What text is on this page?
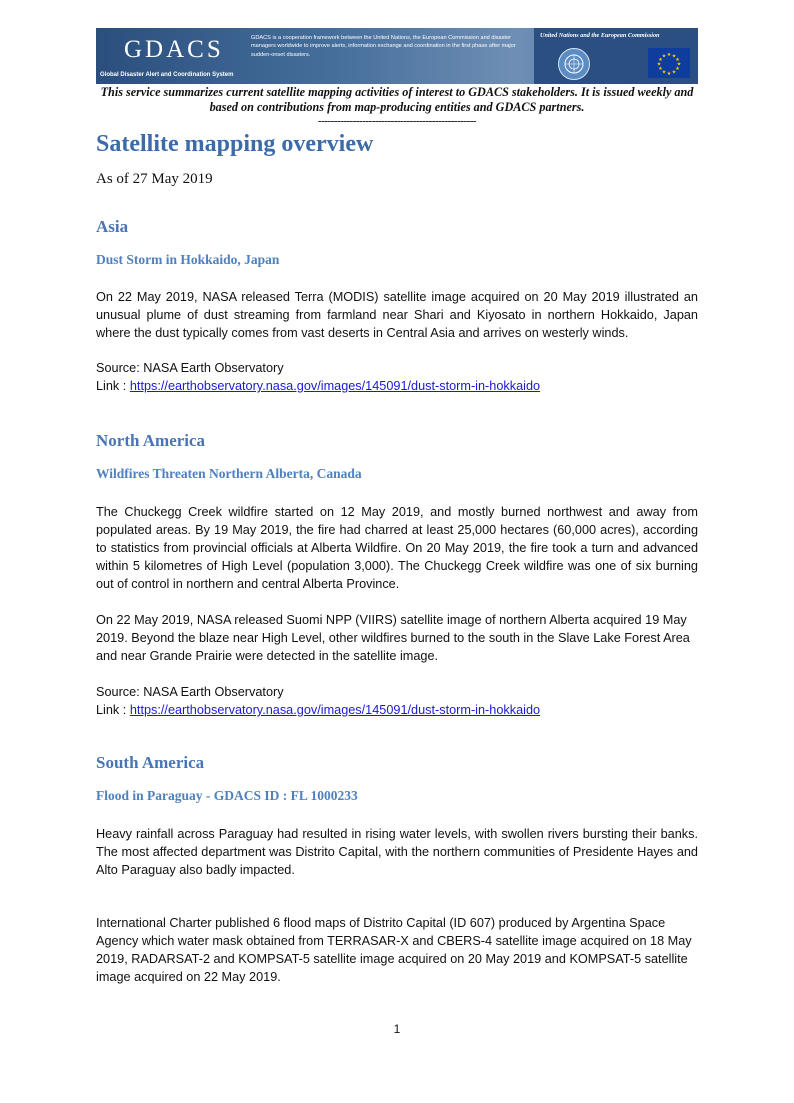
GDACS
Global Disaster Alert and Coordination System
GDACS is a cooperation framework between the United Nations, the European Commission and disaster managers worldwide to improve alerts, information exchange and coordination in the first phase after major sudden-onset disasters.
United Nations and the European Commission
★ ★
★
★
★
★
★
★
★
★
★
★
This service summarizes current satellite mapping activities of interest to GDACS stakeholders. It is issued weekly and based on contributions from map-producing entities and GDACS partners.
--------------------------------------------------
Satellite mapping overview
As of 27 May 2019
Asia
Dust Storm in Hokkaido, Japan

On 22 May 2019, NASA released Terra (MODIS) satellite image acquired on 20 May 2019 illustrated an unusual plume of dust streaming from farmland near Shari and Kiyosato in northern Hokkaido, Japan where the dust typically comes from vast deserts in Central Asia and arrives on westerly winds.

Source: NASA Earth Observatory

Link : https://earthobservatory.nasa.gov/images/145091/dust-storm-in-hokkaido

North America
Wildfires Threaten Northern Alberta, Canada

The Chuckegg Creek wildfire started on 12 May 2019, and mostly burned northwest and away from populated areas. By 19 May 2019, the fire had charred at least 25,000 hectares (60,000 acres), according to statistics from provincial officials at Alberta Wildfire. On 20 May 2019, the fire took a turn and advanced within 5 kilometres of High Level (population 3,000). The Chuckegg Creek wildfire was one of six burning out of control in northern and central Alberta Province.

On 22 May 2019, NASA released Suomi NPP (VIIRS) satellite image of northern Alberta acquired 19 May 2019. Beyond the blaze near High Level, other wildfires burned to the south in the Slave Lake Forest Area and near Grande Prairie were detected in the satellite image.

Source: NASA Earth Observatory

Link : https://earthobservatory.nasa.gov/images/145091/dust-storm-in-hokkaido

South America
Flood in Paraguay - GDACS ID : FL 1000233

Heavy rainfall across Paraguay had resulted in rising water levels, with swollen rivers bursting their banks. The most affected department was Distrito Capital, with the northern communities of Presidente Hayes and Alto Paraguay also badly impacted.

International Charter published 6 flood maps of Distrito Capital (ID 607) produced by Argentina Space Agency which water mask obtained from TERRASAR-X and CBERS-4 satellite image acquired on 18 May 2019, RADARSAT-2 and KOMPSAT-5 satellite image acquired on 20 May 2019 and KOMPSAT-5 satellite image acquired on 22 May 2019.

1
